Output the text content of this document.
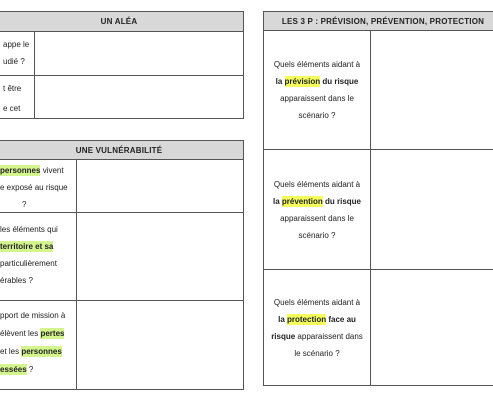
UN ALÉA
appe le
udié ?
t être
e cet
UNE VULNÉRABILITÉ
personnes vivent
e exposé au risque
?
les éléments qui
territoire et sa
particulièrement
érables ?
pport de mission à
élèvent les pertes
et les personnes
essées ?
LES 3 P : PRÉVISION, PRÉVENTION, PROTECTION
Quels éléments aidant à
la prévision du risque
apparaissent dans le
scénario ?
Quels éléments aidant à
la prévention du risque
apparaissent dans le
scénario ?
Quels éléments aidant à
la protection face au
risque apparaissent dans
le scénario ?
